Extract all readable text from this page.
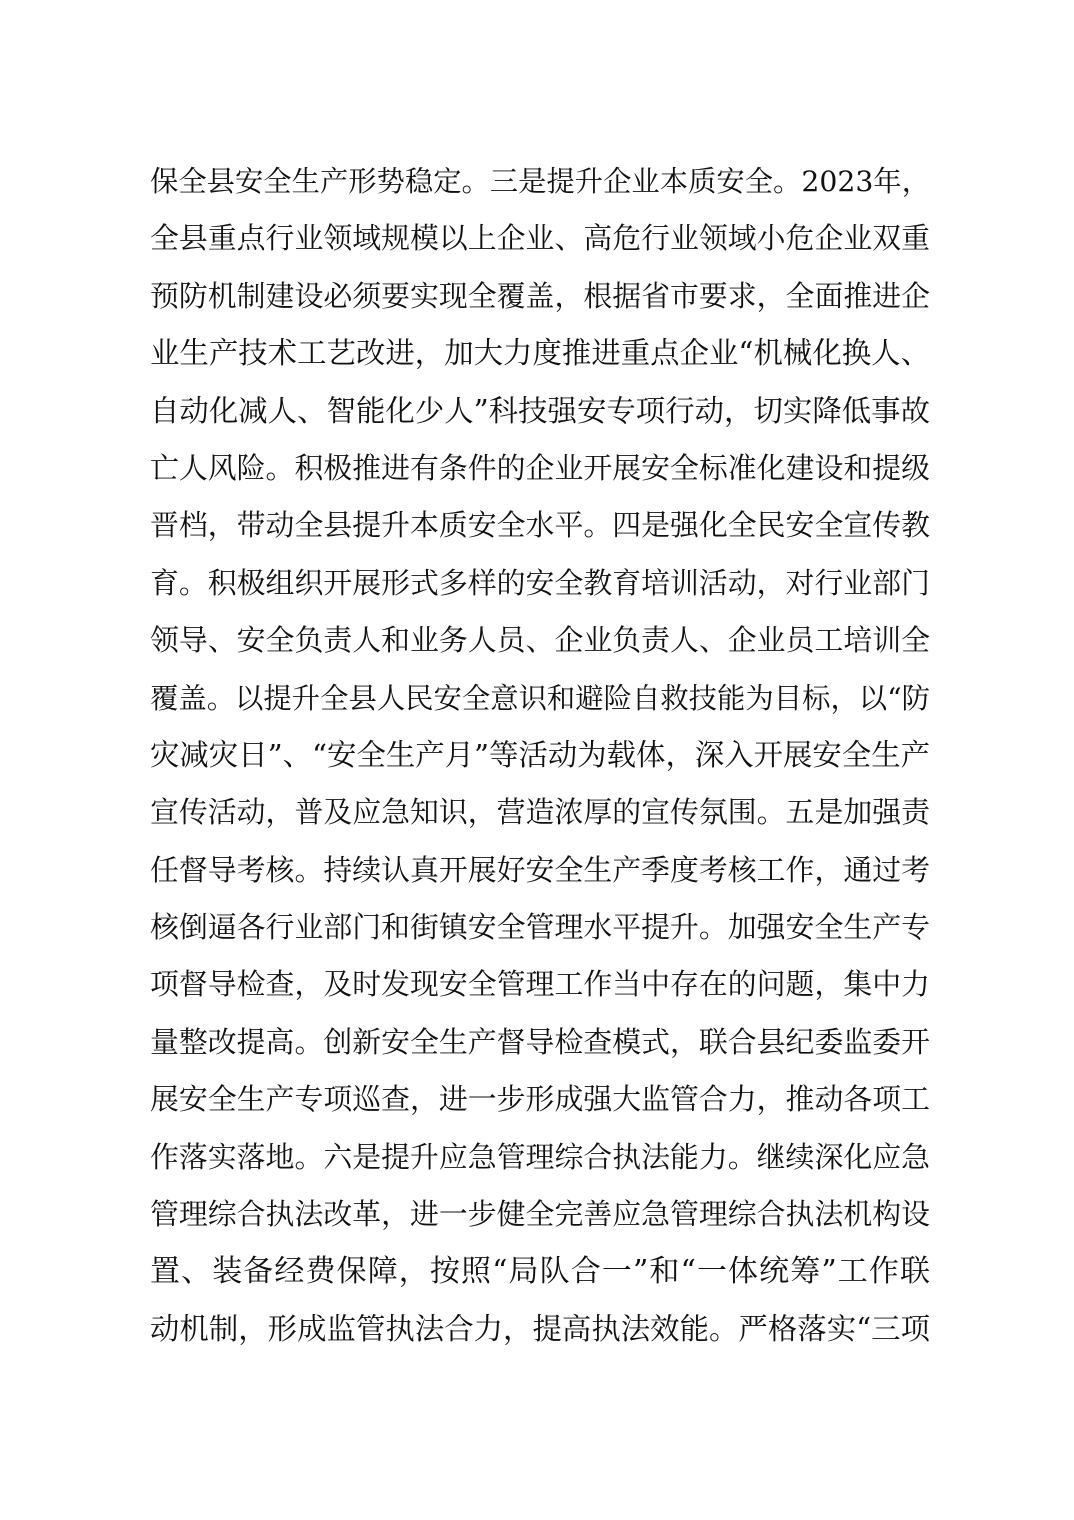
保全县安全生产形势稳定。三是提升企业本质安全。2023年，
全县重点行业领域规模以上企业、高危行业领域小危企业双重
预防机制建设必须要实现全覆盖，根据省市要求，全面推进企
业生产技术工艺改进，加大力度推进重点企业“机械化换人、
自动化减人、智能化少人”科技强安专项行动，切实降低事故
亡人风险。积极推进有条件的企业开展安全标准化建设和提级
晋档，带动全县提升本质安全水平。四是强化全民安全宣传教
育。积极组织开展形式多样的安全教育培训活动，对行业部门
领导、安全负责人和业务人员、企业负责人、企业员工培训全
覆盖。以提升全县人民安全意识和避险自救技能为目标，以“防
灾减灾日”、“安全生产月”等活动为载体，深入开展安全生产
宣传活动，普及应急知识，营造浓厚的宣传氛围。五是加强责
任督导考核。持续认真开展好安全生产季度考核工作，通过考
核倒逼各行业部门和街镇安全管理水平提升。加强安全生产专
项督导检查，及时发现安全管理工作当中存在的问题，集中力
量整改提高。创新安全生产督导检查模式，联合县纪委监委开
展安全生产专项巡查，进一步形成强大监管合力，推动各项工
作落实落地。六是提升应急管理综合执法能力。继续深化应急
管理综合执法改革，进一步健全完善应急管理综合执法机构设
置、装备经费保障，按照“局队合一”和“一体统筹”工作联
动机制，形成监管执法合力，提高执法效能。严格落实“三项
